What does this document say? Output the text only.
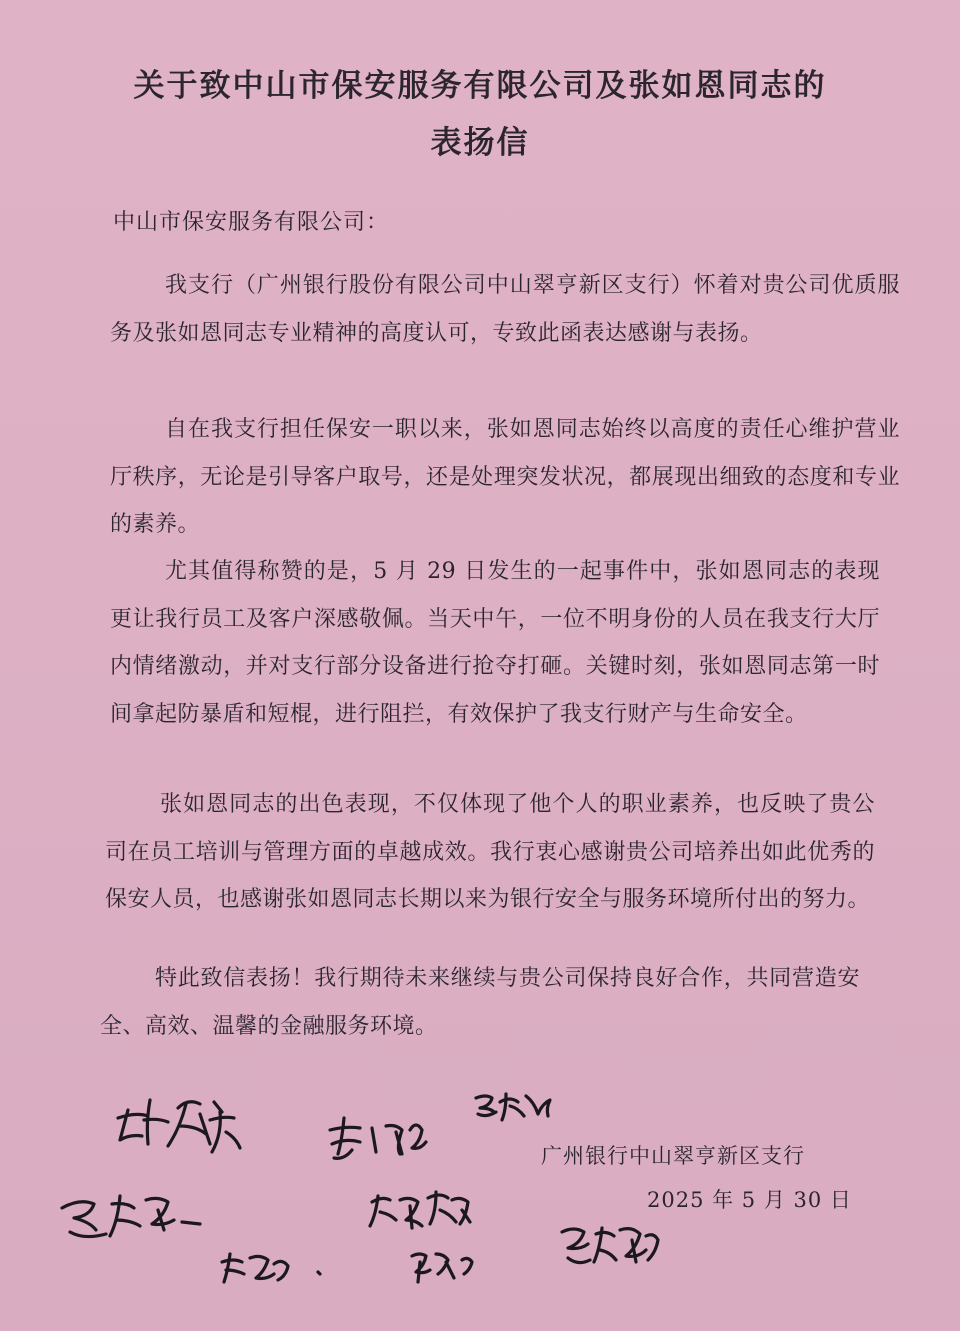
关于致中山市保安服务有限公司及张如恩同志的
表扬信
中山市保安服务有限公司：

我支行（广州银行股份有限公司中山翠亨新区支行）怀着对贵公司优质服务及张如恩同志专业精神的高度认可，专致此函表达感谢与表扬。

自在我支行担任保安一职以来，张如恩同志始终以高度的责任心维护营业厅秩序，无论是引导客户取号，还是处理突发状况，都展现出细致的态度和专业的素养。

尤其值得称赞的是，5 月 29 日发生的一起事件中，张如恩同志的表现更让我行员工及客户深感敬佩。当天中午，一位不明身份的人员在我支行大厅内情绪激动，并对支行部分设备进行抢夺打砸。关键时刻，张如恩同志第一时间拿起防暴盾和短棍，进行阻拦，有效保护了我支行财产与生命安全。

张如恩同志的出色表现，不仅体现了他个人的职业素养，也反映了贵公司在员工培训与管理方面的卓越成效。我行衷心感谢贵公司培养出如此优秀的保安人员，也感谢张如恩同志长期以来为银行安全与服务环境所付出的努力。

特此致信表扬！我行期待未来继续与贵公司保持良好合作，共同营造安全、高效、温馨的金融服务环境。

广州银行中山翠亨新区支行
2025 年 5 月 30 日
